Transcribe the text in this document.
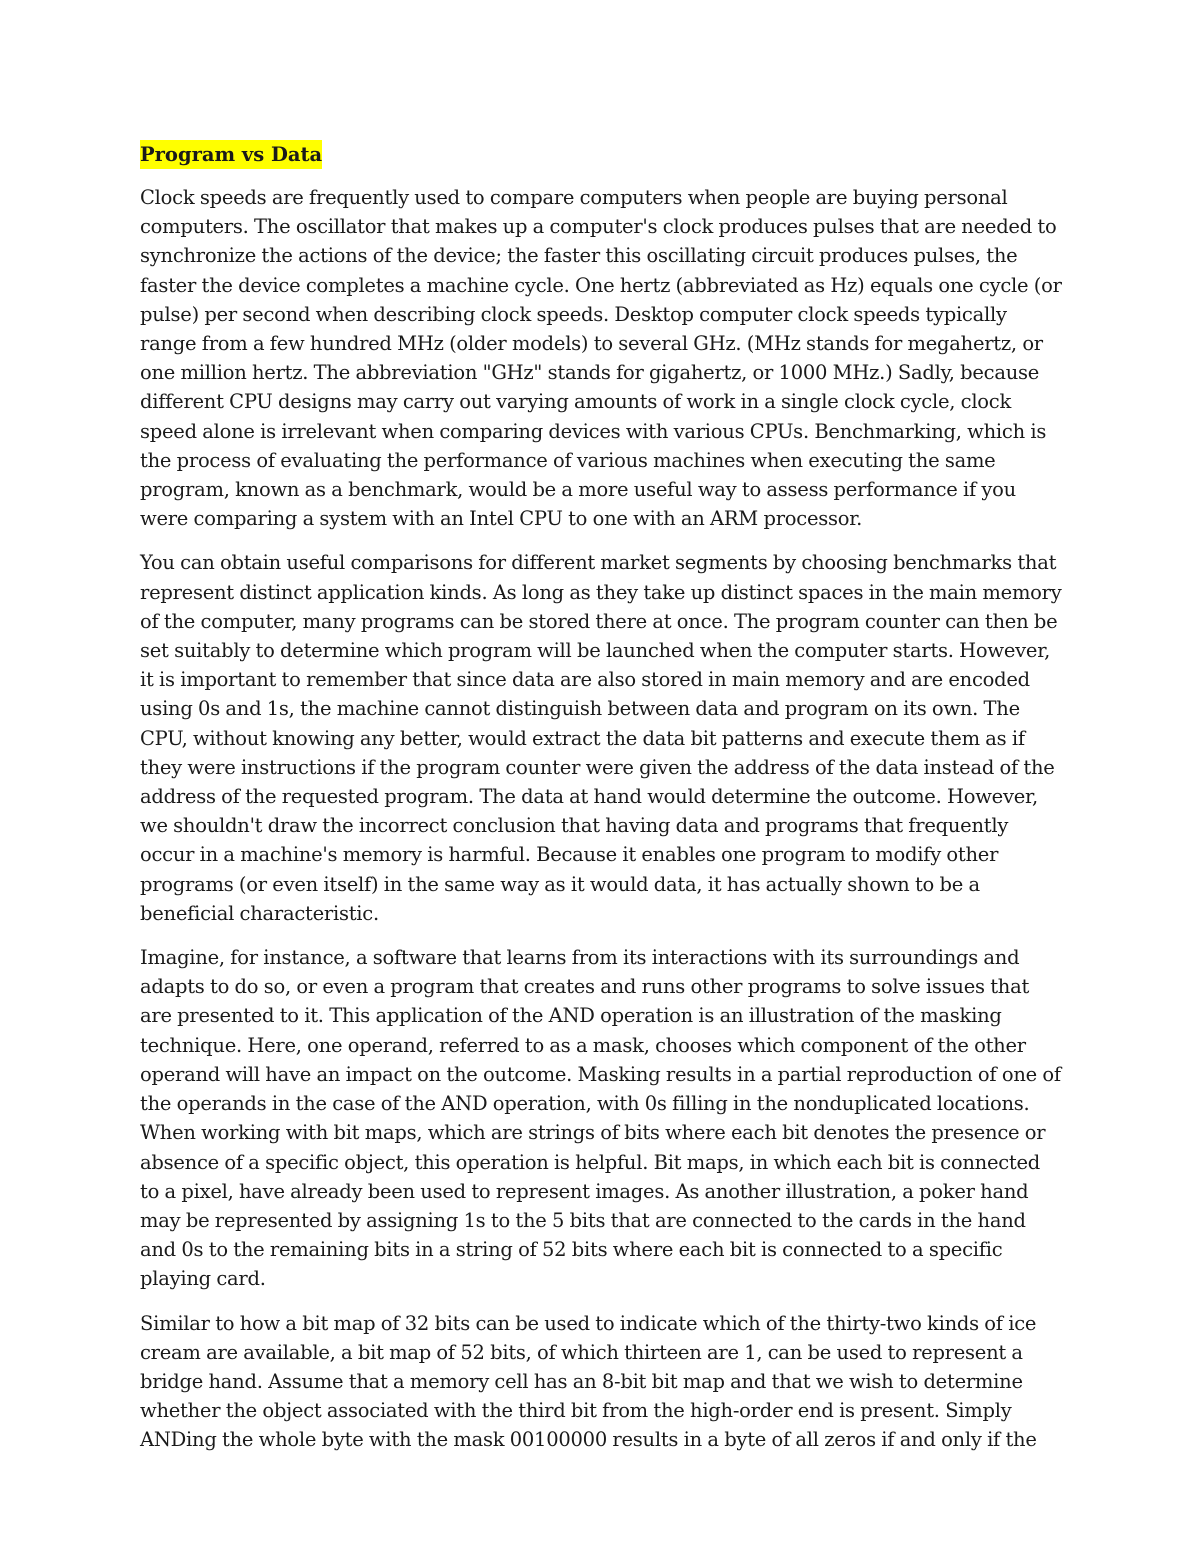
Program vs Data

Clock speeds are frequently used to compare computers when people are buying personal computers. The oscillator that makes up a computer's clock produces pulses that are needed to synchronize the actions of the device; the faster this oscillating circuit produces pulses, the faster the device completes a machine cycle. One hertz (abbreviated as Hz) equals one cycle (or pulse) per second when describing clock speeds. Desktop computer clock speeds typically range from a few hundred MHz (older models) to several GHz. (MHz stands for megahertz, or one million hertz. The abbreviation "GHz" stands for gigahertz, or 1000 MHz.) Sadly, because different CPU designs may carry out varying amounts of work in a single clock cycle, clock speed alone is irrelevant when comparing devices with various CPUs. Benchmarking, which is the process of evaluating the performance of various machines when executing the same program, known as a benchmark, would be a more useful way to assess performance if you were comparing a system with an Intel CPU to one with an ARM processor.

You can obtain useful comparisons for different market segments by choosing benchmarks that represent distinct application kinds. As long as they take up distinct spaces in the main memory of the computer, many programs can be stored there at once. The program counter can then be set suitably to determine which program will be launched when the computer starts. However, it is important to remember that since data are also stored in main memory and are encoded using 0s and 1s, the machine cannot distinguish between data and program on its own. The CPU, without knowing any better, would extract the data bit patterns and execute them as if they were instructions if the program counter were given the address of the data instead of the address of the requested program. The data at hand would determine the outcome. However, we shouldn't draw the incorrect conclusion that having data and programs that frequently occur in a machine's memory is harmful. Because it enables one program to modify other programs (or even itself) in the same way as it would data, it has actually shown to be a beneficial characteristic.

Imagine, for instance, a software that learns from its interactions with its surroundings and adapts to do so, or even a program that creates and runs other programs to solve issues that are presented to it. This application of the AND operation is an illustration of the masking technique. Here, one operand, referred to as a mask, chooses which component of the other operand will have an impact on the outcome. Masking results in a partial reproduction of one of the operands in the case of the AND operation, with 0s filling in the nonduplicated locations. When working with bit maps, which are strings of bits where each bit denotes the presence or absence of a specific object, this operation is helpful. Bit maps, in which each bit is connected to a pixel, have already been used to represent images. As another illustration, a poker hand may be represented by assigning 1s to the 5 bits that are connected to the cards in the hand and 0s to the remaining bits in a string of 52 bits where each bit is connected to a specific playing card.

Similar to how a bit map of 32 bits can be used to indicate which of the thirty-two kinds of ice cream are available, a bit map of 52 bits, of which thirteen are 1, can be used to represent a bridge hand. Assume that a memory cell has an 8-bit bit map and that we wish to determine whether the object associated with the third bit from the high-order end is present. Simply ANDing the whole byte with the mask 00100000 results in a byte of all zeros if and only if the
